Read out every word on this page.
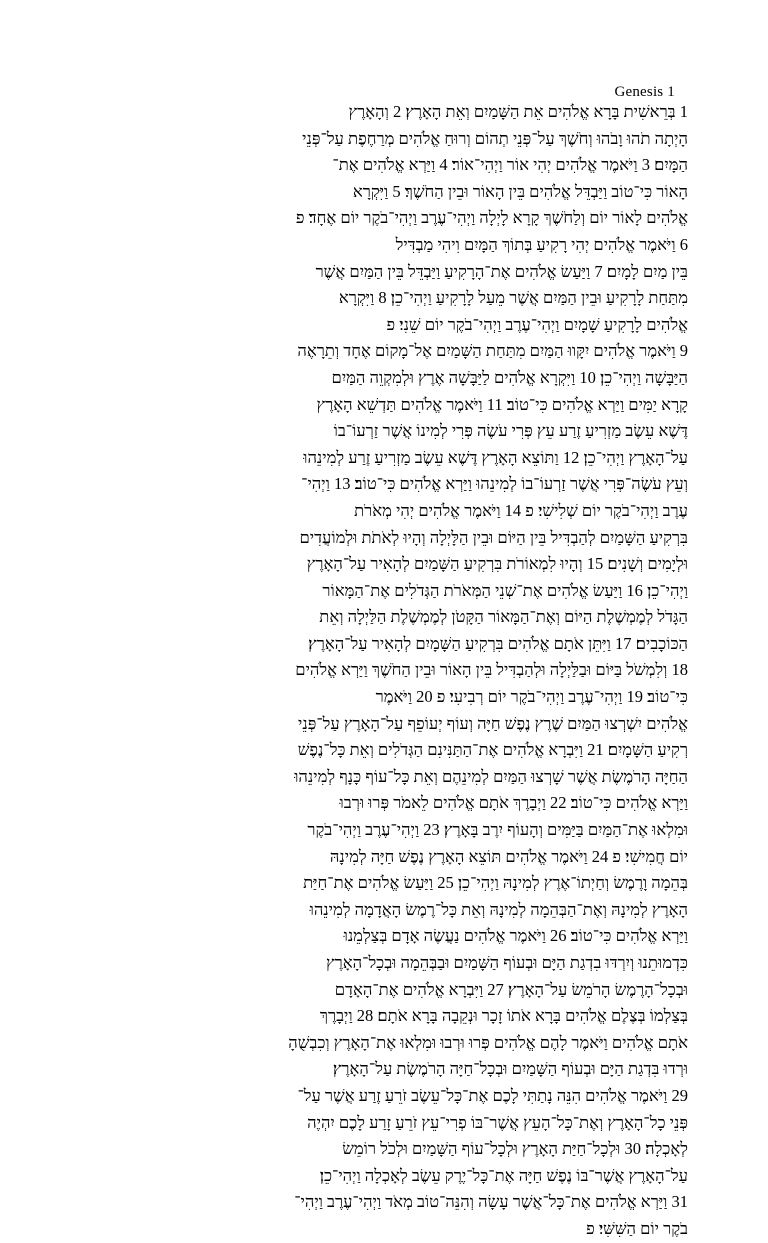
Genesis 1
1 בְּרֵאשִׁית בָּרָא אֱלֹהִים אֵת הַשָּׁמַיִם וְאֵת הָאָרֶץ׃ 2 וְהָאָרֶץ
הָיְתָה תֹהוּ וָבֹהוּ וְחֹשֶׁךְ עַל־פְּנֵי תְהוֹם וְרוּחַ אֱלֹהִים מְרַחֶפֶת עַל־פְּנֵי
הַמָּיִם׃ 3 וַיֹּאמֶר אֱלֹהִים יְהִי אוֹר וַיְהִי־אוֹר׃ 4 וַיַּרְא אֱלֹהִים אֶת־
הָאוֹר כִּי־טוֹב וַיַּבְדֵּל אֱלֹהִים בֵּין הָאוֹר וּבֵין הַחֹשֶׁךְ׃ 5 וַיִּקְרָא
אֱלֹהִים לָאוֹר יוֹם וְלַחֹשֶׁךְ קָרָא לָיְלָה וַיְהִי־עֶרֶב וַיְהִי־בֹקֶר יוֹם אֶחָד׃ פ
6 וַיֹּאמֶר אֱלֹהִים יְהִי רָקִיעַ בְּתוֹךְ הַמָּיִם וִיהִי מַבְדִּיל
בֵּין מַיִם לָמָיִם׃ 7 וַיַּעַשׂ אֱלֹהִים אֶת־הָרָקִיעַ וַיַּבְדֵּל בֵּין הַמַּיִם אֲשֶׁר
מִתַּחַת לָרָקִיעַ וּבֵין הַמַּיִם אֲשֶׁר מֵעַל לָרָקִיעַ וַיְהִי־כֵן׃ 8 וַיִּקְרָא
אֱלֹהִים לָרָקִיעַ שָׁמָיִם וַיְהִי־עֶרֶב וַיְהִי־בֹקֶר יוֹם שֵׁנִי׃ פ
9 וַיֹּאמֶר אֱלֹהִים יִקָּווּ הַמַּיִם מִתַּחַת הַשָּׁמַיִם אֶל־מָקוֹם אֶחָד וְתֵרָאֶה
הַיַּבָּשָׁה וַיְהִי־כֵן׃ 10 וַיִּקְרָא אֱלֹהִים לַיַּבָּשָׁה אֶרֶץ וּלְמִקְוֵה הַמַּיִם
קָרָא יַמִּים וַיַּרְא אֱלֹהִים כִּי־טוֹב׃ 11 וַיֹּאמֶר אֱלֹהִים תַּדְשֵׁא הָאָרֶץ
דֶּשֶׁא עֵשֶׂב מַזְרִיעַ זֶרַע עֵץ פְּרִי עֹשֶׂה פְּרִי לְמִינוֹ אֲשֶׁר זַרְעוֹ־בוֹ
עַל־הָאָרֶץ וַיְהִי־כֵן׃ 12 וַתּוֹצֵא הָאָרֶץ דֶּשֶׁא עֵשֶׂב מַזְרִיעַ זֶרַע לְמִינֵהוּ
וְעֵץ עֹשֶׂה־פְּרִי אֲשֶׁר זַרְעוֹ־בוֹ לְמִינֵהוּ וַיַּרְא אֱלֹהִים כִּי־טוֹב׃ 13 וַיְהִי־
עֶרֶב וַיְהִי־בֹקֶר יוֹם שְׁלִישִׁי׃ פ 14 וַיֹּאמֶר אֱלֹהִים יְהִי מְאֹרֹת
בִּרְקִיעַ הַשָּׁמַיִם לְהַבְדִּיל בֵּין הַיּוֹם וּבֵין הַלָּיְלָה וְהָיוּ לְאֹתֹת וּלְמוֹעֲדִים
וּלְיָמִים וְשָׁנִים׃ 15 וְהָיוּ לִמְאוֹרֹת בִּרְקִיעַ הַשָּׁמַיִם לְהָאִיר עַל־הָאָרֶץ
וַיְהִי־כֵן׃ 16 וַיַּעַשׂ אֱלֹהִים אֶת־שְׁנֵי הַמְּאֹרֹת הַגְּדֹלִים אֶת־הַמָּאוֹר
הַגָּדֹל לְמֶמְשֶׁלֶת הַיּוֹם וְאֶת־הַמָּאוֹר הַקָּטֹן לְמֶמְשֶׁלֶת הַלַּיְלָה וְאֵת
הַכּוֹכָבִים׃ 17 וַיִּתֵּן אֹתָם אֱלֹהִים בִּרְקִיעַ הַשָּׁמָיִם לְהָאִיר עַל־הָאָרֶץ׃
18 וְלִמְשֹׁל בַּיּוֹם וּבַלַּיְלָה וּלְהַבְדִּיל בֵּין הָאוֹר וּבֵין הַחֹשֶׁךְ וַיַּרְא אֱלֹהִים
כִּי־טוֹב׃ 19 וַיְהִי־עֶרֶב וַיְהִי־בֹקֶר יוֹם רְבִיעִי׃ פ 20 וַיֹּאמֶר
אֱלֹהִים יִשְׁרְצוּ הַמַּיִם שֶׁרֶץ נֶפֶשׁ חַיָּה וְעוֹף יְעוֹפֵף עַל־הָאָרֶץ עַל־פְּנֵי
רְקִיעַ הַשָּׁמָיִם׃ 21 וַיִּבְרָא אֱלֹהִים אֶת־הַתַּנִּינִם הַגְּדֹלִים וְאֵת כָּל־נֶפֶשׁ
הַחַיָּה הָרֹמֶשֶׂת אֲשֶׁר שָׁרְצוּ הַמַּיִם לְמִינֵהֶם וְאֵת כָּל־עוֹף כָּנָף לְמִינֵהוּ
וַיַּרְא אֱלֹהִים כִּי־טוֹב׃ 22 וַיְבָרֶךְ אֹתָם אֱלֹהִים לֵאמֹר פְּרוּ וּרְבוּ
וּמִלְאוּ אֶת־הַמַּיִם בַּיַּמִּים וְהָעוֹף יִרֶב בָּאָרֶץ׃ 23 וַיְהִי־עֶרֶב וַיְהִי־בֹקֶר
יוֹם חֲמִישִׁי׃ פ 24 וַיֹּאמֶר אֱלֹהִים תּוֹצֵא הָאָרֶץ נֶפֶשׁ חַיָּה לְמִינָהּ
בְּהֵמָה וָרֶמֶשׂ וְחַיְתוֹ־אֶרֶץ לְמִינָהּ וַיְהִי־כֵן׃ 25 וַיַּעַשׂ אֱלֹהִים אֶת־חַיַּת
הָאָרֶץ לְמִינָהּ וְאֶת־הַבְּהֵמָה לְמִינָהּ וְאֵת כָּל־רֶמֶשׂ הָאֲדָמָה לְמִינֵהוּ
וַיַּרְא אֱלֹהִים כִּי־טוֹב׃ 26 וַיֹּאמֶר אֱלֹהִים נַעֲשֶׂה אָדָם בְּצַלְמֵנוּ
כִּדְמוּתֵנוּ וְיִרְדּוּ בִדְגַת הַיָּם וּבְעוֹף הַשָּׁמַיִם וּבַבְּהֵמָה וּבְכָל־הָאָרֶץ
וּבְכָל־הָרֶמֶשׂ הָרֹמֵשׂ עַל־הָאָרֶץ׃ 27 וַיִּבְרָא אֱלֹהִים אֶת־הָאָדָם
בְּצַלְמוֹ בְּצֶלֶם אֱלֹהִים בָּרָא אֹתוֹ זָכָר וּנְקֵבָה בָּרָא אֹתָם׃ 28 וַיְבָרֶךְ
אֹתָם אֱלֹהִים וַיֹּאמֶר לָהֶם אֱלֹהִים פְּרוּ וּרְבוּ וּמִלְאוּ אֶת־הָאָרֶץ וְכִבְשֻׁהָ
וּרְדוּ בִּדְגַת הַיָּם וּבְעוֹף הַשָּׁמַיִם וּבְכָל־חַיָּה הָרֹמֶשֶׂת עַל־הָאָרֶץ׃
29 וַיֹּאמֶר אֱלֹהִים הִנֵּה נָתַתִּי לָכֶם אֶת־כָּל־עֵשֶׂב זֹרֵעַ זֶרַע אֲשֶׁר עַל־
פְּנֵי כָל־הָאָרֶץ וְאֶת־כָּל־הָעֵץ אֲשֶׁר־בּוֹ פְרִי־עֵץ זֹרֵעַ זָרַע לָכֶם יִהְיֶה
לְאָכְלָה׃ 30 וּלְכָל־חַיַּת הָאָרֶץ וּלְכָל־עוֹף הַשָּׁמַיִם וּלְכֹל רוֹמֵשׂ
עַל־הָאָרֶץ אֲשֶׁר־בּוֹ נֶפֶשׁ חַיָּה אֶת־כָּל־יֶרֶק עֵשֶׂב לְאָכְלָה וַיְהִי־כֵן׃
31 וַיַּרְא אֱלֹהִים אֶת־כָּל־אֲשֶׁר עָשָׂה וְהִנֵּה־טוֹב מְאֹד וַיְהִי־עֶרֶב וַיְהִי־
בֹקֶר יוֹם הַשִּׁשִּׁי׃ פ
